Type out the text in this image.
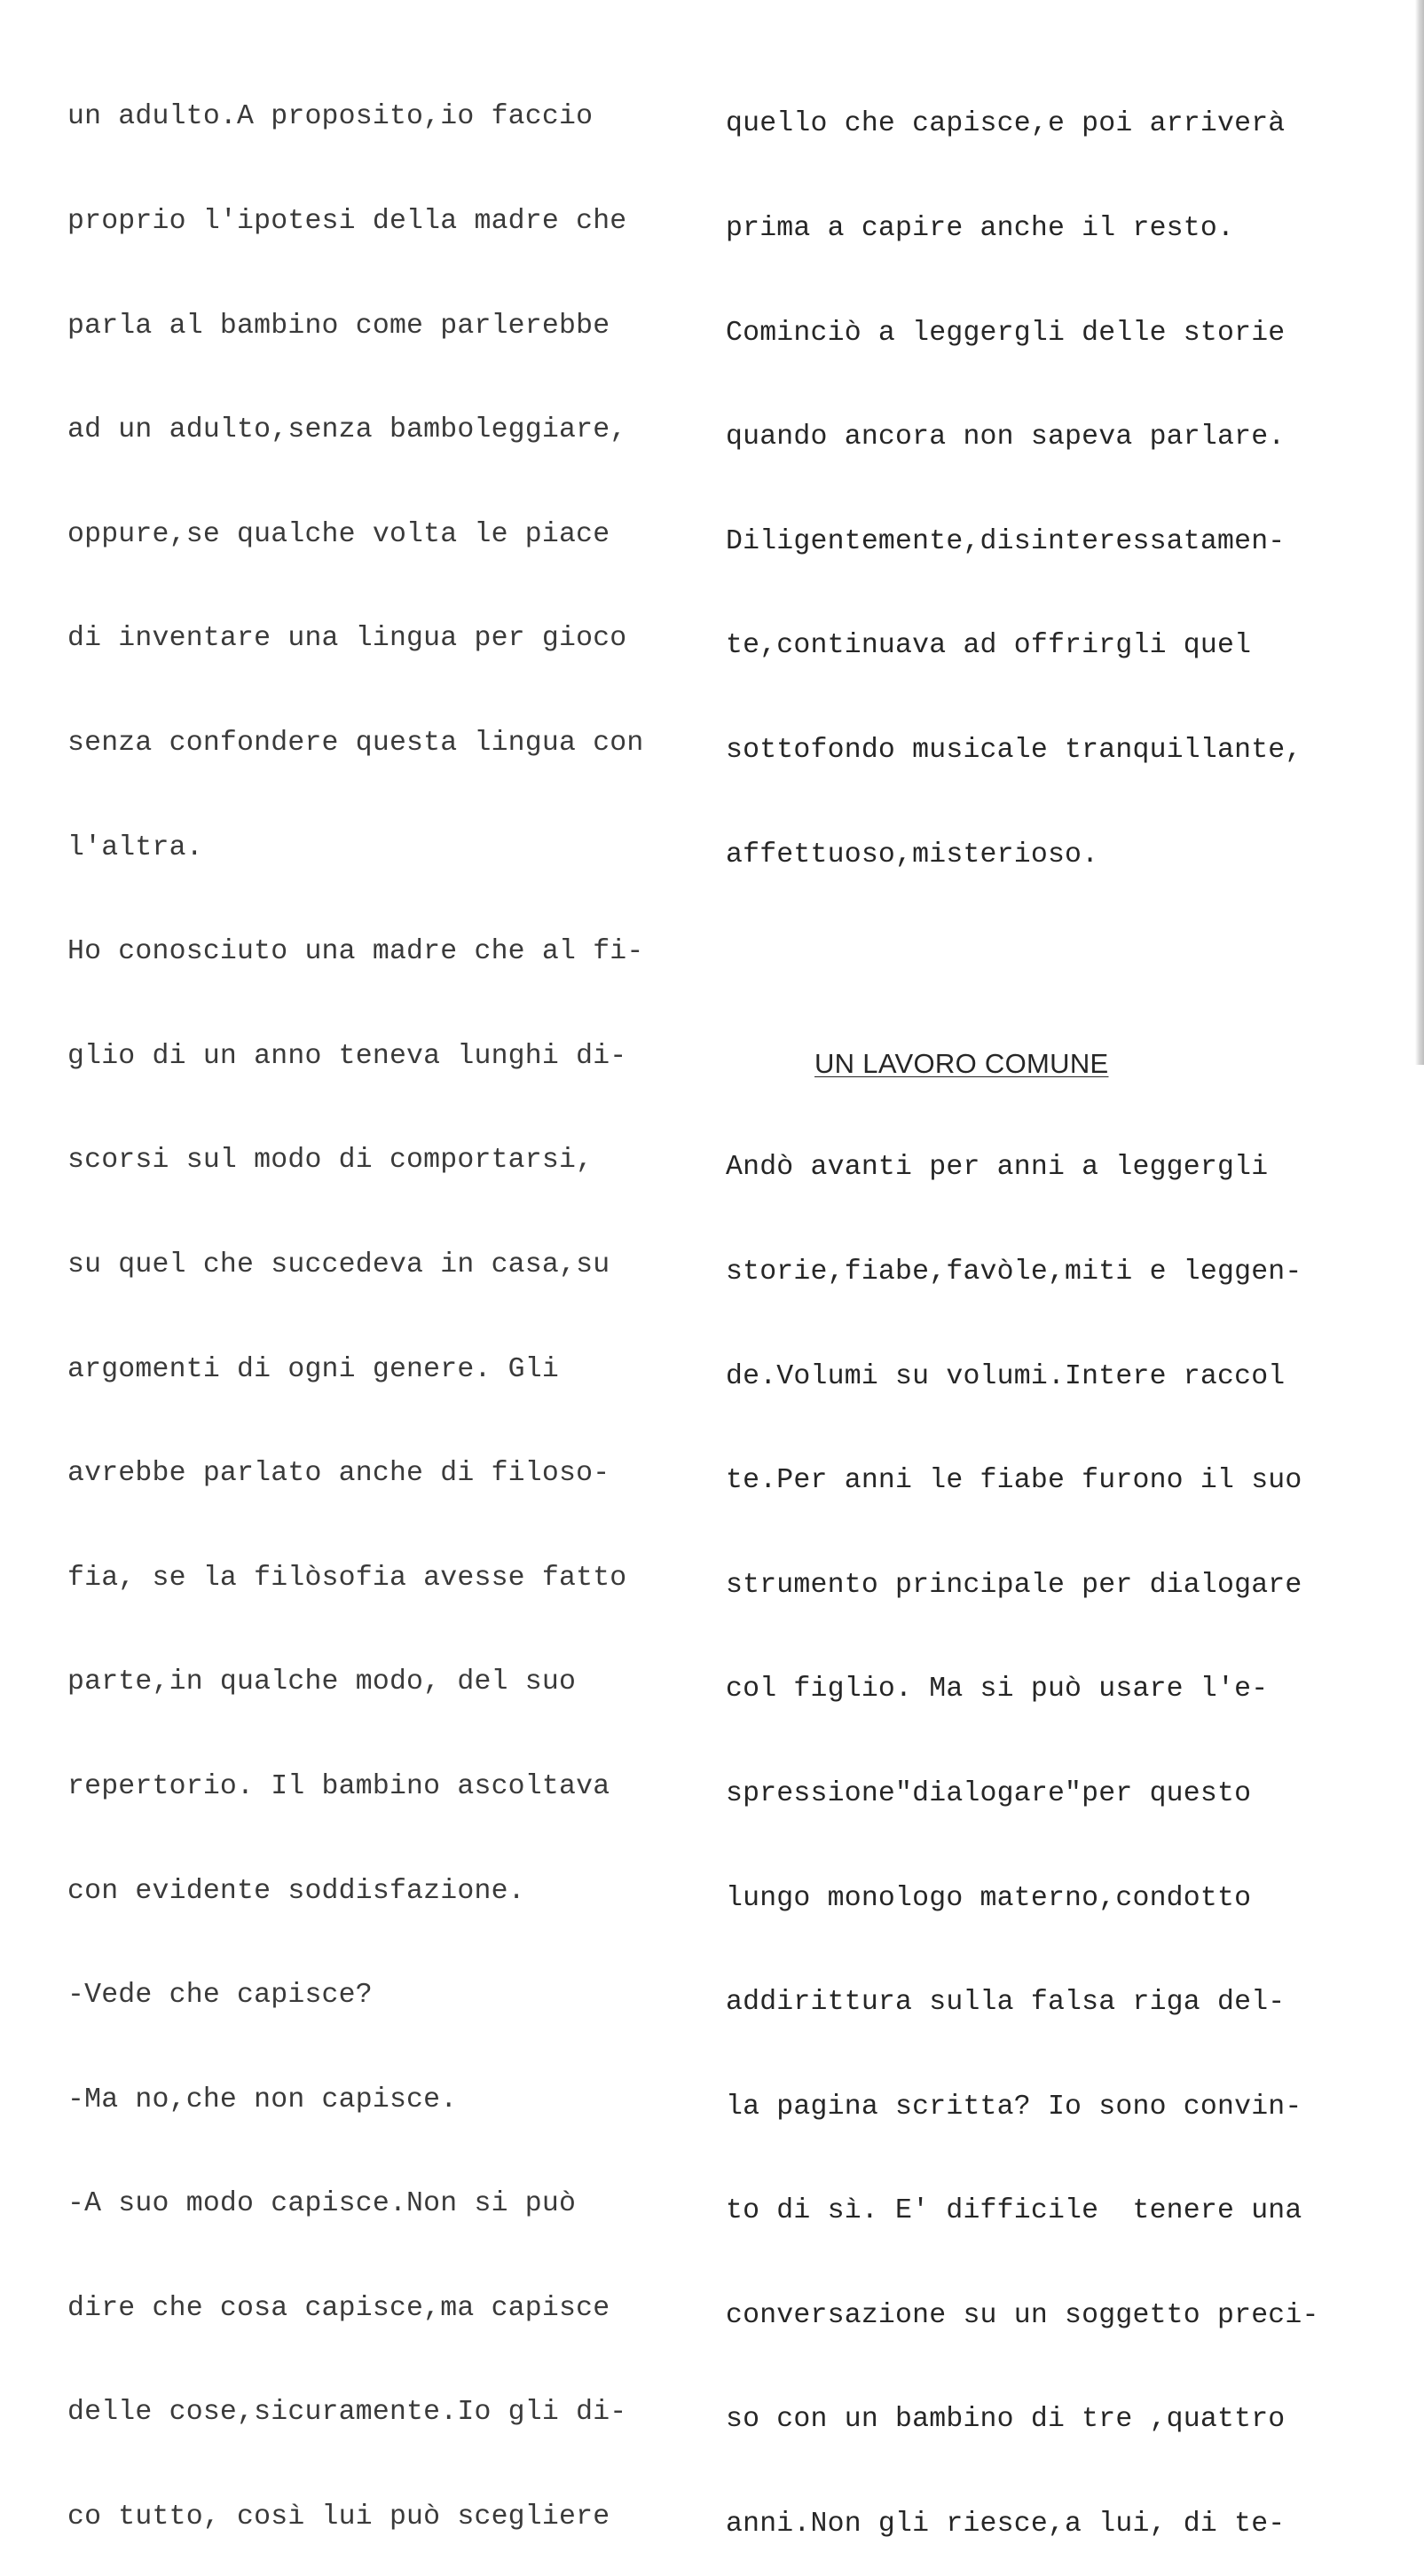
un adulto.A proposito,io faccio

proprio l'ipotesi della madre che

parla al bambino come parlerebbe

ad un adulto,senza bamboleggiare,

oppure,se qualche volta le piace

di inventare una lingua per gioco

senza confondere questa lingua con

l'altra.

Ho conosciuto una madre che al fi-

glio di un anno teneva lunghi di-

scorsi sul modo di comportarsi,

su quel che succedeva in casa,su

argomenti di ogni genere. Gli

avrebbe parlato anche di filoso-

fia, se la filòsofia avesse fatto

parte,in qualche modo, del suo

repertorio. Il bambino ascoltava

con evidente soddisfazione.

-Vede che capisce?

-Ma no,che non capisce.

-A suo modo capisce.Non si può

dire che cosa capisce,ma capisce

delle cose,sicuramente.Io gli di-

co tutto, così lui può scegliere

quello che capisce,e poi arriverà

prima a capire anche il resto.

Cominciò a leggergli delle storie

quando ancora non sapeva parlare.

Diligentemente,disinteressatamen-

te,continuava ad offrirgli quel

sottofondo musicale tranquillante,

affettuoso,misterioso.

UN LAVORO COMUNE

Andò avanti per anni a leggergli

storie,fiabe,favòle,miti e leggen-

de.Volumi su volumi.Intere raccol

te.Per anni le fiabe furono il suo

strumento principale per dialogare

col figlio. Ma si può usare l'e-

spressione"dialogare"per questo

lungo monologo materno,condotto

addirittura sulla falsa riga del-

la pagina scritta? Io sono convin-

to di sì. E' difficile  tenere una

conversazione su un soggetto preci-

so con un bambino di tre ,quattro

anni.Non gli riesce,a lui, di te-
